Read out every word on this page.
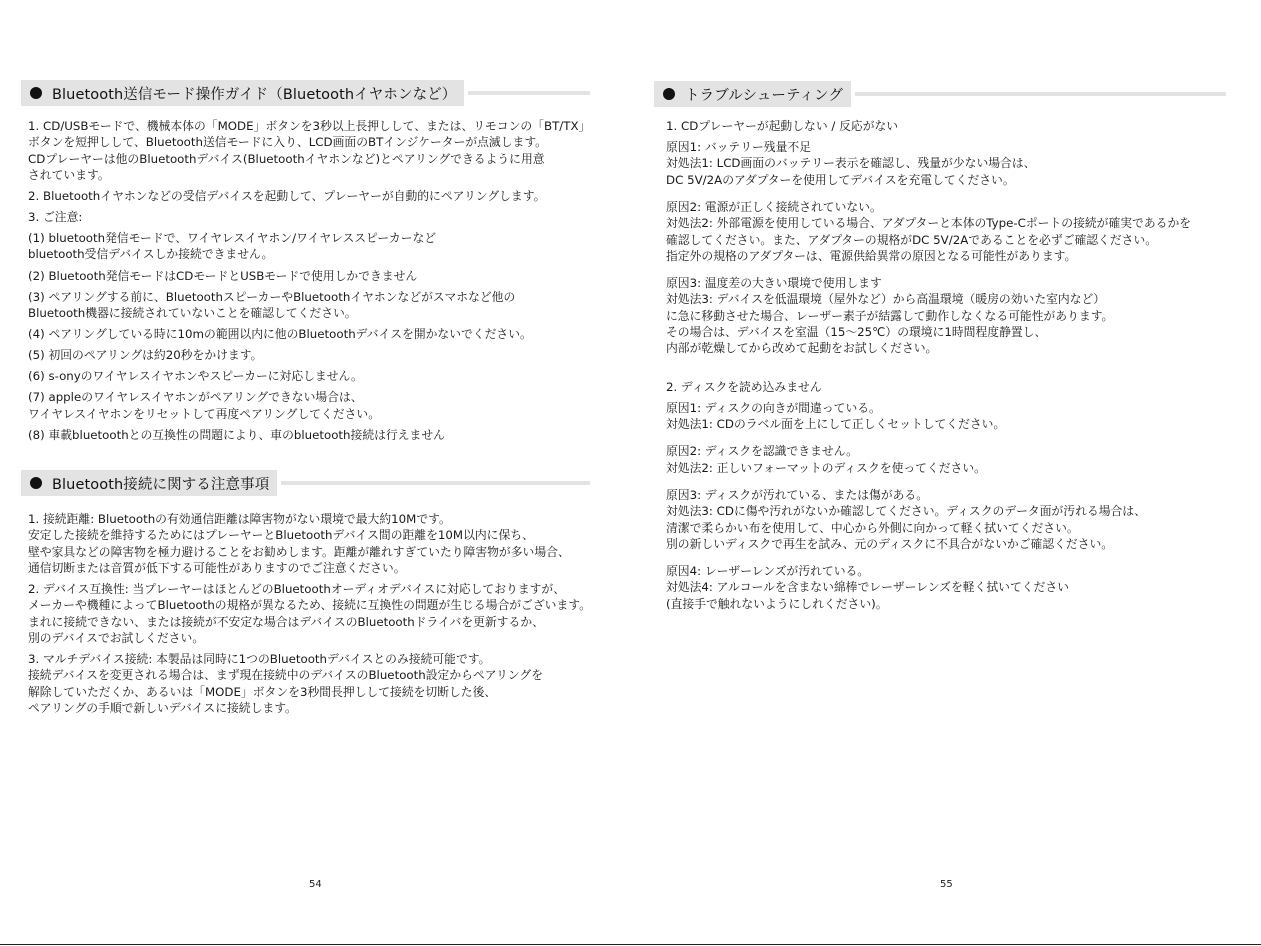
Bluetooth送信モード操作ガイド（Bluetoothイヤホンなど）
1. CD/USBモードで、機械本体の「MODE」ボタンを3秒以上長押しして、または、リモコンの「BT/TX」
ボタンを短押しして、Bluetooth送信モードに入り、LCD画面のBTインジケーターが点滅します。
CDプレーヤーは他のBluetoothデバイス(Bluetoothイヤホンなど)とペアリングできるように用意
されています。
2. Bluetoothイヤホンなどの受信デバイスを起動して、プレーヤーが自動的にペアリングします。
3. ご注意:
(1) bluetooth発信モードで、ワイヤレスイヤホン/ワイヤレススピーカーなど
bluetooth受信デバイスしか接続できません。
(2) Bluetooth発信モードはCDモードとUSBモードで使用しかできません
(3) ペアリングする前に、BluetoothスピーカーやBluetoothイヤホンなどがスマホなど他の
Bluetooth機器に接続されていないことを確認してください。
(4) ペアリングしている時に10mの範囲以内に他のBluetoothデバイスを開かないでください。
(5) 初回のペアリングは約20秒をかけます。
(6) s-onyのワイヤレスイヤホンやスピーカーに対応しません。
(7) appleのワイヤレスイヤホンがペアリングできない場合は、
ワイヤレスイヤホンをリセットして再度ペアリングしてください。
(8) 車載bluetoothとの互換性の問題により、車のbluetooth接続は行えません
Bluetooth接続に関する注意事項
1. 接続距離: Bluetoothの有効通信距離は障害物がない環境で最大約10Mです。
安定した接続を維持するためにはプレーヤーとBluetoothデバイス間の距離を10M以内に保ち、
壁や家具などの障害物を極力避けることをお勧めします。距離が離れすぎていたり障害物が多い場合、
通信切断または音質が低下する可能性がありますのでご注意ください。
2. デバイス互換性: 当プレーヤーはほとんどのBluetoothオーディオデバイスに対応しておりますが、
メーカーや機種によってBluetoothの規格が異なるため、接続に互換性の問題が生じる場合がございます。
まれに接続できない、または接続が不安定な場合はデバイスのBluetoothドライバを更新するか、
別のデバイスでお試しください。
3. マルチデバイス接続: 本製品は同時に1つのBluetoothデバイスとのみ接続可能です。
接続デバイスを変更される場合は、まず現在接続中のデバイスのBluetooth設定からペアリングを
解除していただくか、あるいは「MODE」ボタンを3秒間長押しして接続を切断した後、
ペアリングの手順で新しいデバイスに接続します。
54
トラブルシューティング
1. CDプレーヤーが起動しない / 反応がない
原因1: バッテリー残量不足
対処法1: LCD画面のバッテリー表示を確認し、残量が少ない場合は、
DC 5V/2Aのアダプターを使用してデバイスを充電してください。
原因2: 電源が正しく接続されていない。
対処法2: 外部電源を使用している場合、アダプターと本体のType-Cポートの接続が確実であるかを
確認してください。また、アダプターの規格がDC 5V/2Aであることを必ずご確認ください。
指定外の規格のアダプターは、電源供給異常の原因となる可能性があります。
原因3: 温度差の大きい環境で使用します
対処法3: デバイスを低温環境（屋外など）から高温環境（暖房の効いた室内など）
に急に移動させた場合、レーザー素子が結露して動作しなくなる可能性があります。
その場合は、デバイスを室温（15～25℃）の環境に1時間程度静置し、
内部が乾燥してから改めて起動をお試しください。
2. ディスクを読め込みません
原因1: ディスクの向きが間違っている。
対処法1: CDのラベル面を上にして正しくセットしてください。
原因2: ディスクを認識できません。
対処法2: 正しいフォーマットのディスクを使ってください。
原因3: ディスクが汚れている、または傷がある。
対処法3: CDに傷や汚れがないか確認してください。ディスクのデータ面が汚れる場合は、
清潔で柔らかい布を使用して、中心から外側に向かって軽く拭いてください。
別の新しいディスクで再生を試み、元のディスクに不具合がないかご確認ください。
原因4: レーザーレンズが汚れている。
対処法4: アルコールを含まない綿棒でレーザーレンズを軽く拭いてください
(直接手で触れないようにしれください)。
55
